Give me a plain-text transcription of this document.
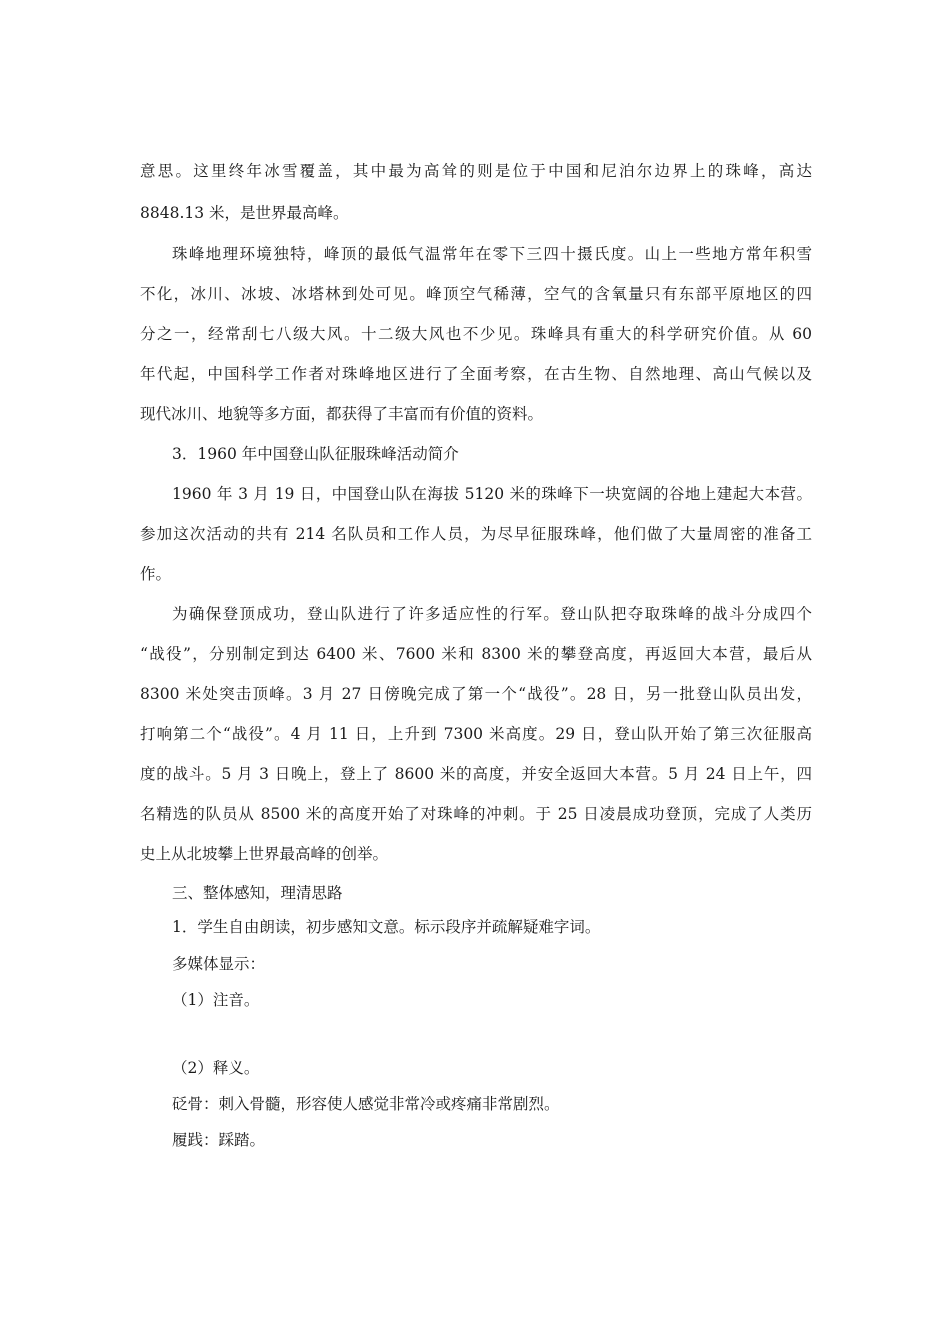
意思。这里终年冰雪覆盖，其中最为高耸的则是位于中国和尼泊尔边界上的珠峰，高达
8848.13 米，是世界最高峰。
珠峰地理环境独特，峰顶的最低气温常年在零下三四十摄氏度。山上一些地方常年积雪
不化，冰川、冰坡、冰塔林到处可见。峰顶空气稀薄，空气的含氧量只有东部平原地区的四
分之一，经常刮七八级大风。十二级大风也不少见。珠峰具有重大的科学研究价值。从 60
年代起，中国科学工作者对珠峰地区进行了全面考察，在古生物、自然地理、高山气候以及
现代冰川、地貌等多方面，都获得了丰富而有价值的资料。
3．1960 年中国登山队征服珠峰活动简介
1960 年 3 月 19 日，中国登山队在海拔 5120 米的珠峰下一块宽阔的谷地上建起大本营。
参加这次活动的共有 214 名队员和工作人员，为尽早征服珠峰，他们做了大量周密的准备工
作。
为确保登顶成功，登山队进行了许多适应性的行军。登山队把夺取珠峰的战斗分成四个
“战役”，分别制定到达 6400 米、7600 米和 8300 米的攀登高度，再返回大本营，最后从
8300 米处突击顶峰。3 月 27 日傍晚完成了第一个“战役”。28 日，另一批登山队员出发，
打响第二个“战役”。4 月 11 日，上升到 7300 米高度。29 日，登山队开始了第三次征服高
度的战斗。5 月 3 日晚上，登上了 8600 米的高度，并安全返回大本营。5 月 24 日上午，四
名精选的队员从 8500 米的高度开始了对珠峰的冲刺。于 25 日凌晨成功登顶，完成了人类历
史上从北坡攀上世界最高峰的创举。
三、整体感知，理清思路
1．学生自由朗读，初步感知文意。标示段序并疏解疑难字词。
多媒体显示：
（1）注音。
（2）释义。
砭骨：刺入骨髓，形容使人感觉非常冷或疼痛非常剧烈。
履践：踩踏。
